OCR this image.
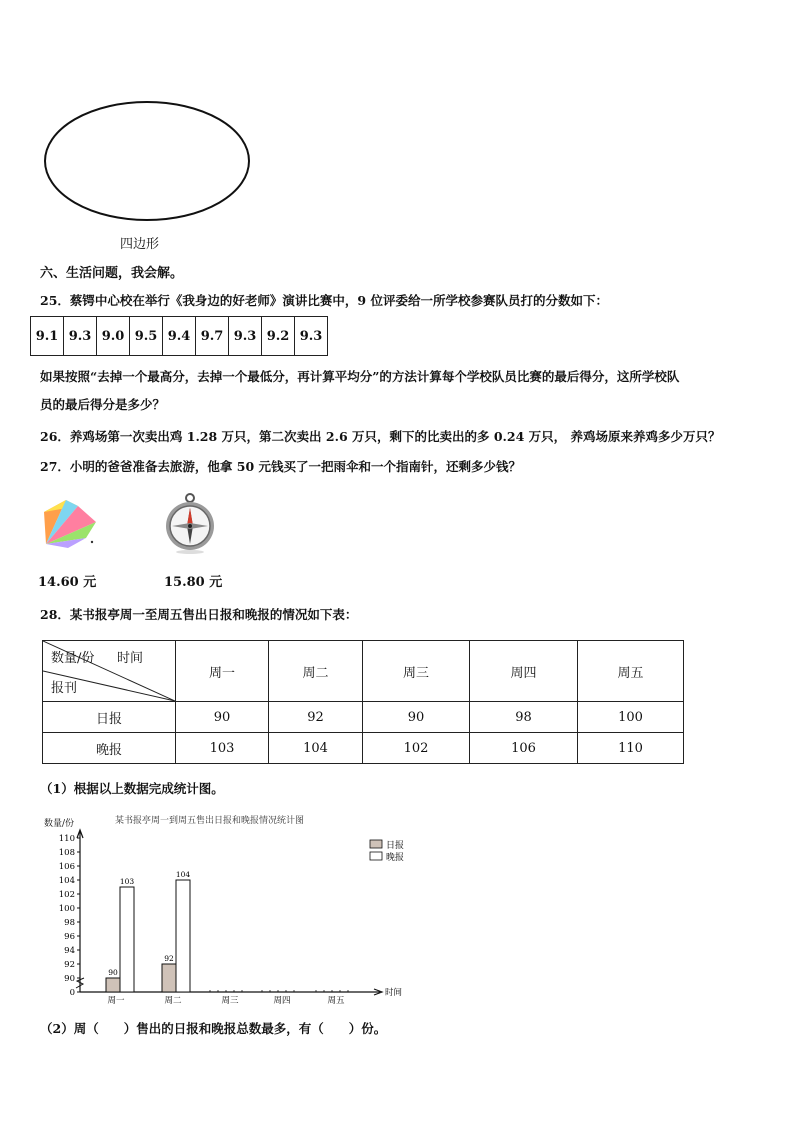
四边形
六、生活问题，我会解。
25．蔡锷中心校在举行《我身边的好老师》演讲比赛中，9 位评委给一所学校参赛队员打的分数如下：
9.1	9.3	9.0	9.5	9.4	9.7	9.3	9.2	9.3
如果按照“去掉一个最高分，去掉一个最低分，再计算平均分”的方法计算每个学校队员比赛的最后得分，这所学校队
员的最后得分是多少？
26．养鸡场第一次卖出鸡 1.28 万只，第二次卖出 2.6 万只，剩下的比卖出的多 0.24 万只， 养鸡场原来养鸡多少万只？
27．小明的爸爸准备去旅游，他拿 50 元钱买了一把雨伞和一个指南针，还剩多少钱？
14.60 元	15.80 元
28．某书报亭周一至周五售出日报和晚报的情况如下表：
数量/份 时间
报刊	周一	周二	周三	周四	周五
日报	90	92	90	98	100
晚报	103	104	102	106	110
（1）根据以上数据完成统计图。
某书报亭周一到周五售出日报和晚报情况统计图
数量/份
时间
0
90
92
94
96
98
100
102
104
106
108
110
周一	周二	周三	周四	周五
90
92
103
104
日报
晚报
（2）周（　　）售出的日报和晚报总数最多，有（　　）份。
